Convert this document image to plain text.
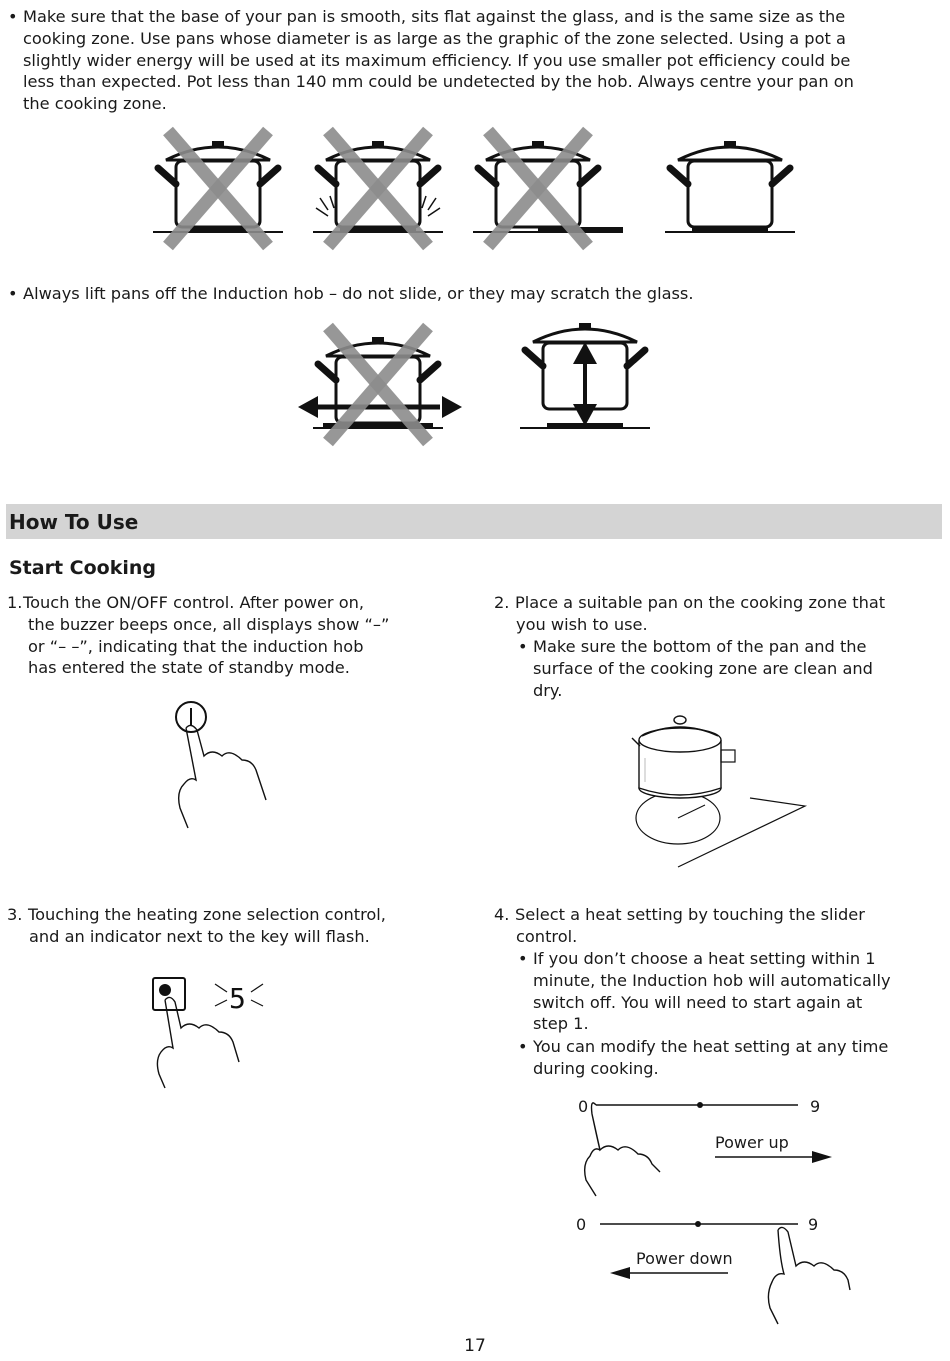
• Make sure that the base of your pan is smooth, sits flat against the glass, and is the same size as the
cooking zone. Use pans whose diameter is as large as the graphic of the zone selected. Using a pot a
slightly wider energy will be used at its maximum efficiency. If you use smaller pot efficiency could be
less than expected. Pot less than 140 mm could be undetected by the hob. Always centre your pan on
the cooking zone.
• Always lift pans off the Induction hob – do not slide, or they may scratch the glass.
How To Use
Start Cooking
1. Touch the ON/OFF control. After power on,
the buzzer beeps once, all displays show “–”
or “– –”, indicating that the induction hob
has entered the state of standby mode.
2. Place a suitable pan on the cooking zone that
you wish to use.
• Make sure the bottom of the pan and the
surface of the cooking zone are clean and
dry.
3. Touching the heating zone selection control,
and an indicator next to the key will flash.
5
4. Select a heat setting by touching the slider
control.
• If you don’t choose a heat setting within 1
minute, the Induction hob will automatically
switch off. You will need to start again at
step 1.
• You can modify the heat setting at any time
during cooking.
0	9
Power up
0	9
Power down
17
